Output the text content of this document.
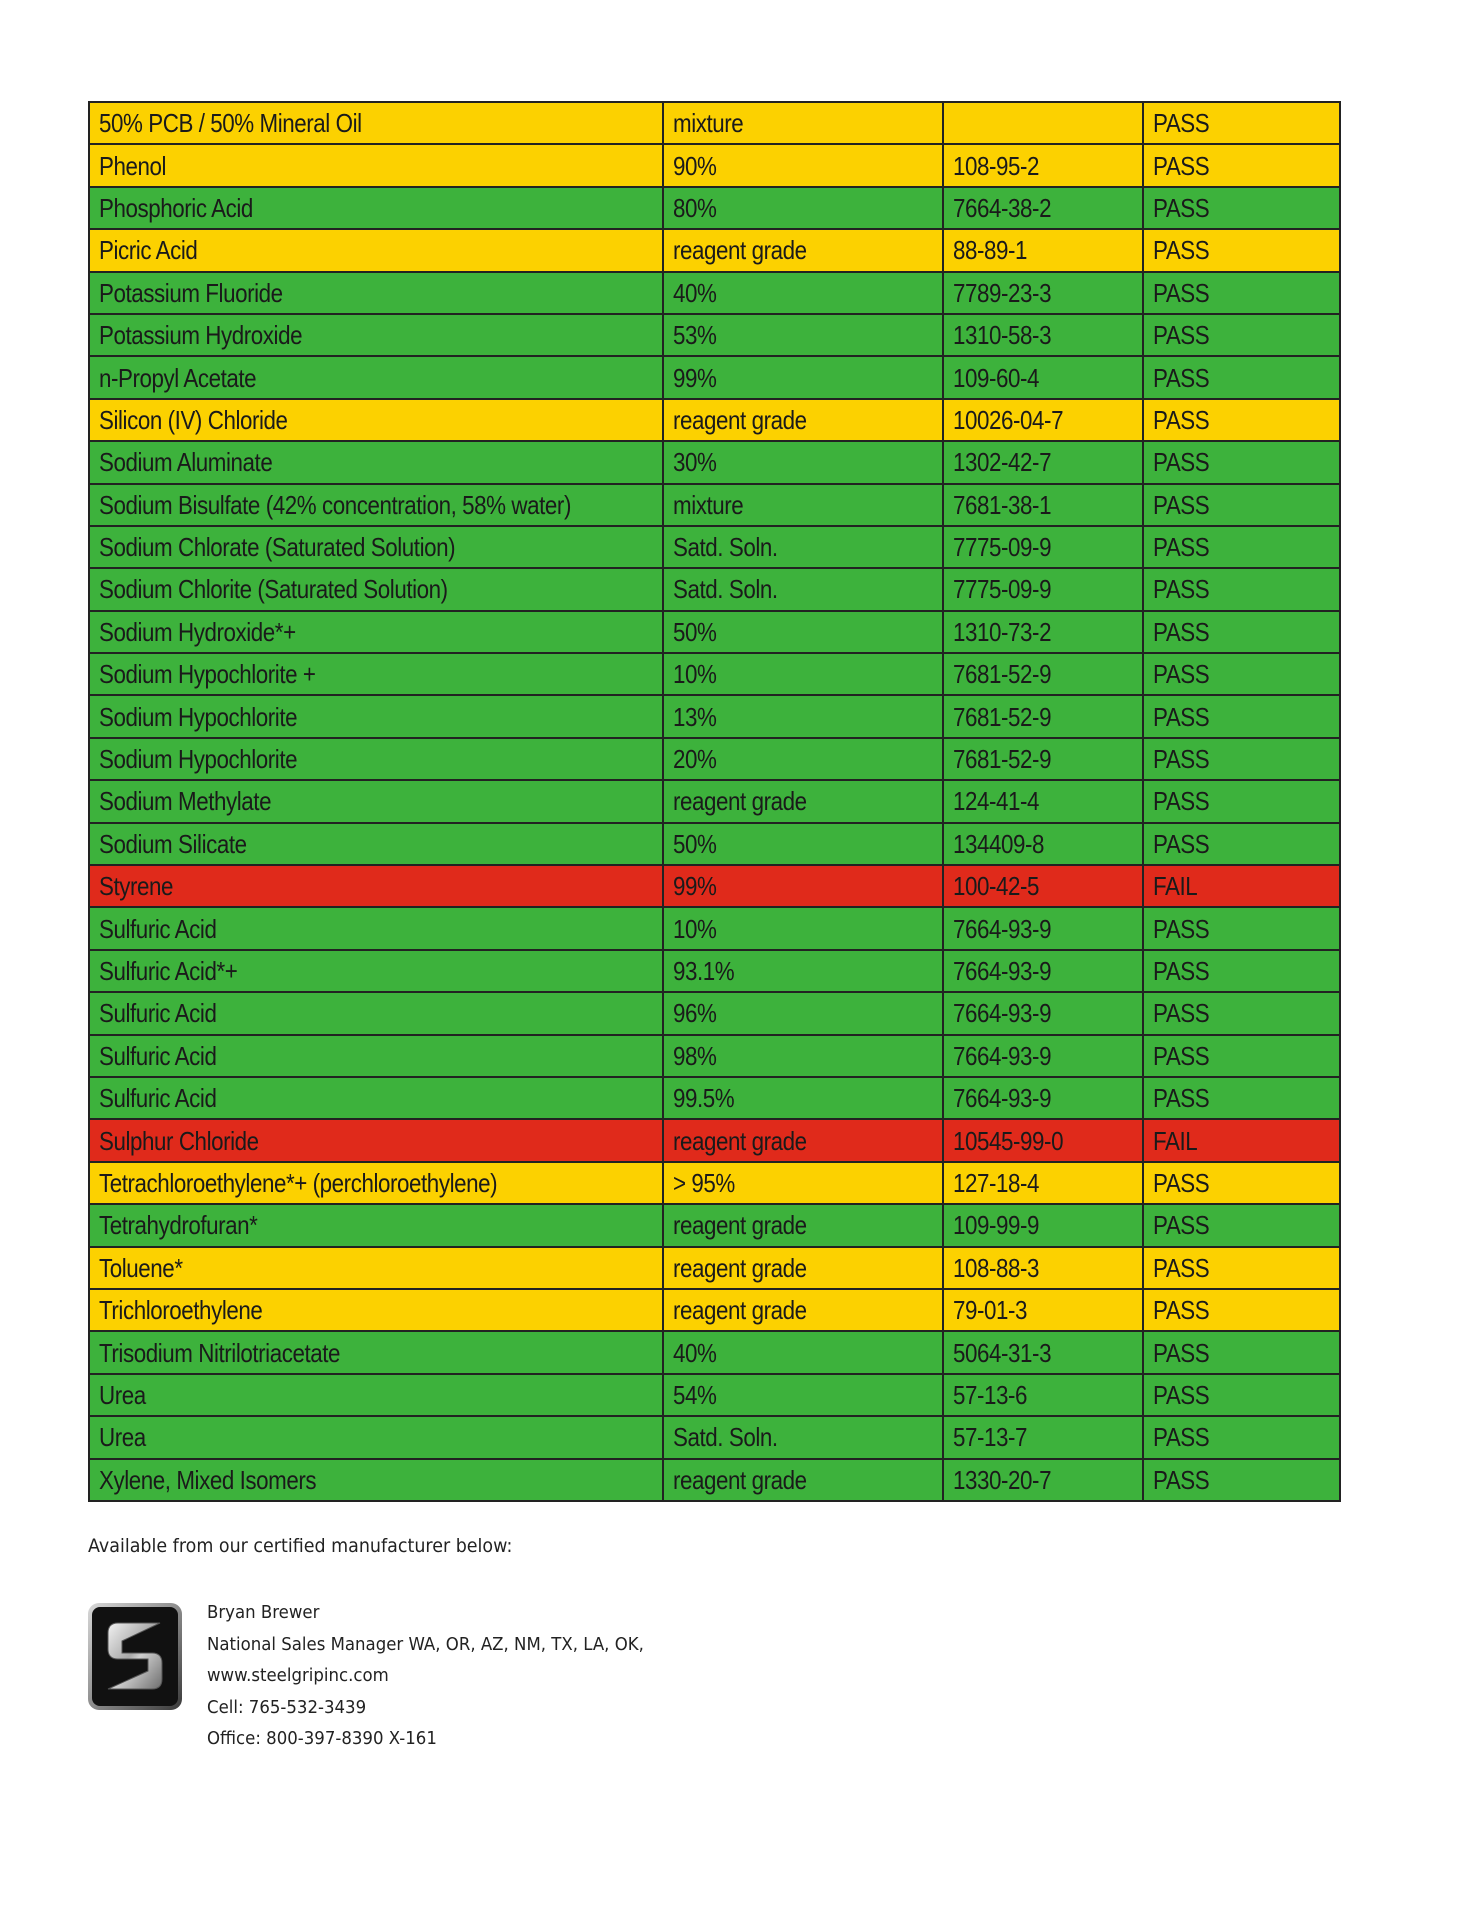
50% PCB / 50% Mineral Oil	mixture		PASS
Phenol	90%	108-95-2	PASS
Phosphoric Acid	80%	7664-38-2	PASS
Picric Acid	reagent grade	88-89-1	PASS
Potassium Fluoride	40%	7789-23-3	PASS
Potassium Hydroxide	53%	1310-58-3	PASS
n-Propyl Acetate	99%	109-60-4	PASS
Silicon (IV) Chloride	reagent grade	10026-04-7	PASS
Sodium Aluminate	30%	1302-42-7	PASS
Sodium Bisulfate (42% concentration, 58% water)	mixture	7681-38-1	PASS
Sodium Chlorate (Saturated Solution)	Satd. Soln.	7775-09-9	PASS
Sodium Chlorite (Saturated Solution)	Satd. Soln.	7775-09-9	PASS
Sodium Hydroxide*+	50%	1310-73-2	PASS
Sodium Hypochlorite +	10%	7681-52-9	PASS
Sodium Hypochlorite	13%	7681-52-9	PASS
Sodium Hypochlorite	20%	7681-52-9	PASS
Sodium Methylate	reagent grade	124-41-4	PASS
Sodium Silicate	50%	134409-8	PASS
Styrene	99%	100-42-5	FAIL
Sulfuric Acid	10%	7664-93-9	PASS
Sulfuric Acid*+	93.1%	7664-93-9	PASS
Sulfuric Acid	96%	7664-93-9	PASS
Sulfuric Acid	98%	7664-93-9	PASS
Sulfuric Acid	99.5%	7664-93-9	PASS
Sulphur Chloride	reagent grade	10545-99-0	FAIL
Tetrachloroethylene*+ (perchloroethylene)	> 95%	127-18-4	PASS
Tetrahydrofuran*	reagent grade	109-99-9	PASS
Toluene*	reagent grade	108-88-3	PASS
Trichloroethylene	reagent grade	79-01-3	PASS
Trisodium Nitrilotriacetate	40%	5064-31-3	PASS
Urea	54%	57-13-6	PASS
Urea	Satd. Soln.	57-13-7	PASS
Xylene, Mixed Isomers	reagent grade	1330-20-7	PASS
Available from our certified manufacturer below:
Bryan Brewer
National Sales Manager WA, OR, AZ, NM, TX, LA, OK,
www.steelgripinc.com
Cell: 765-532-3439
Office: 800-397-8390 X-161
